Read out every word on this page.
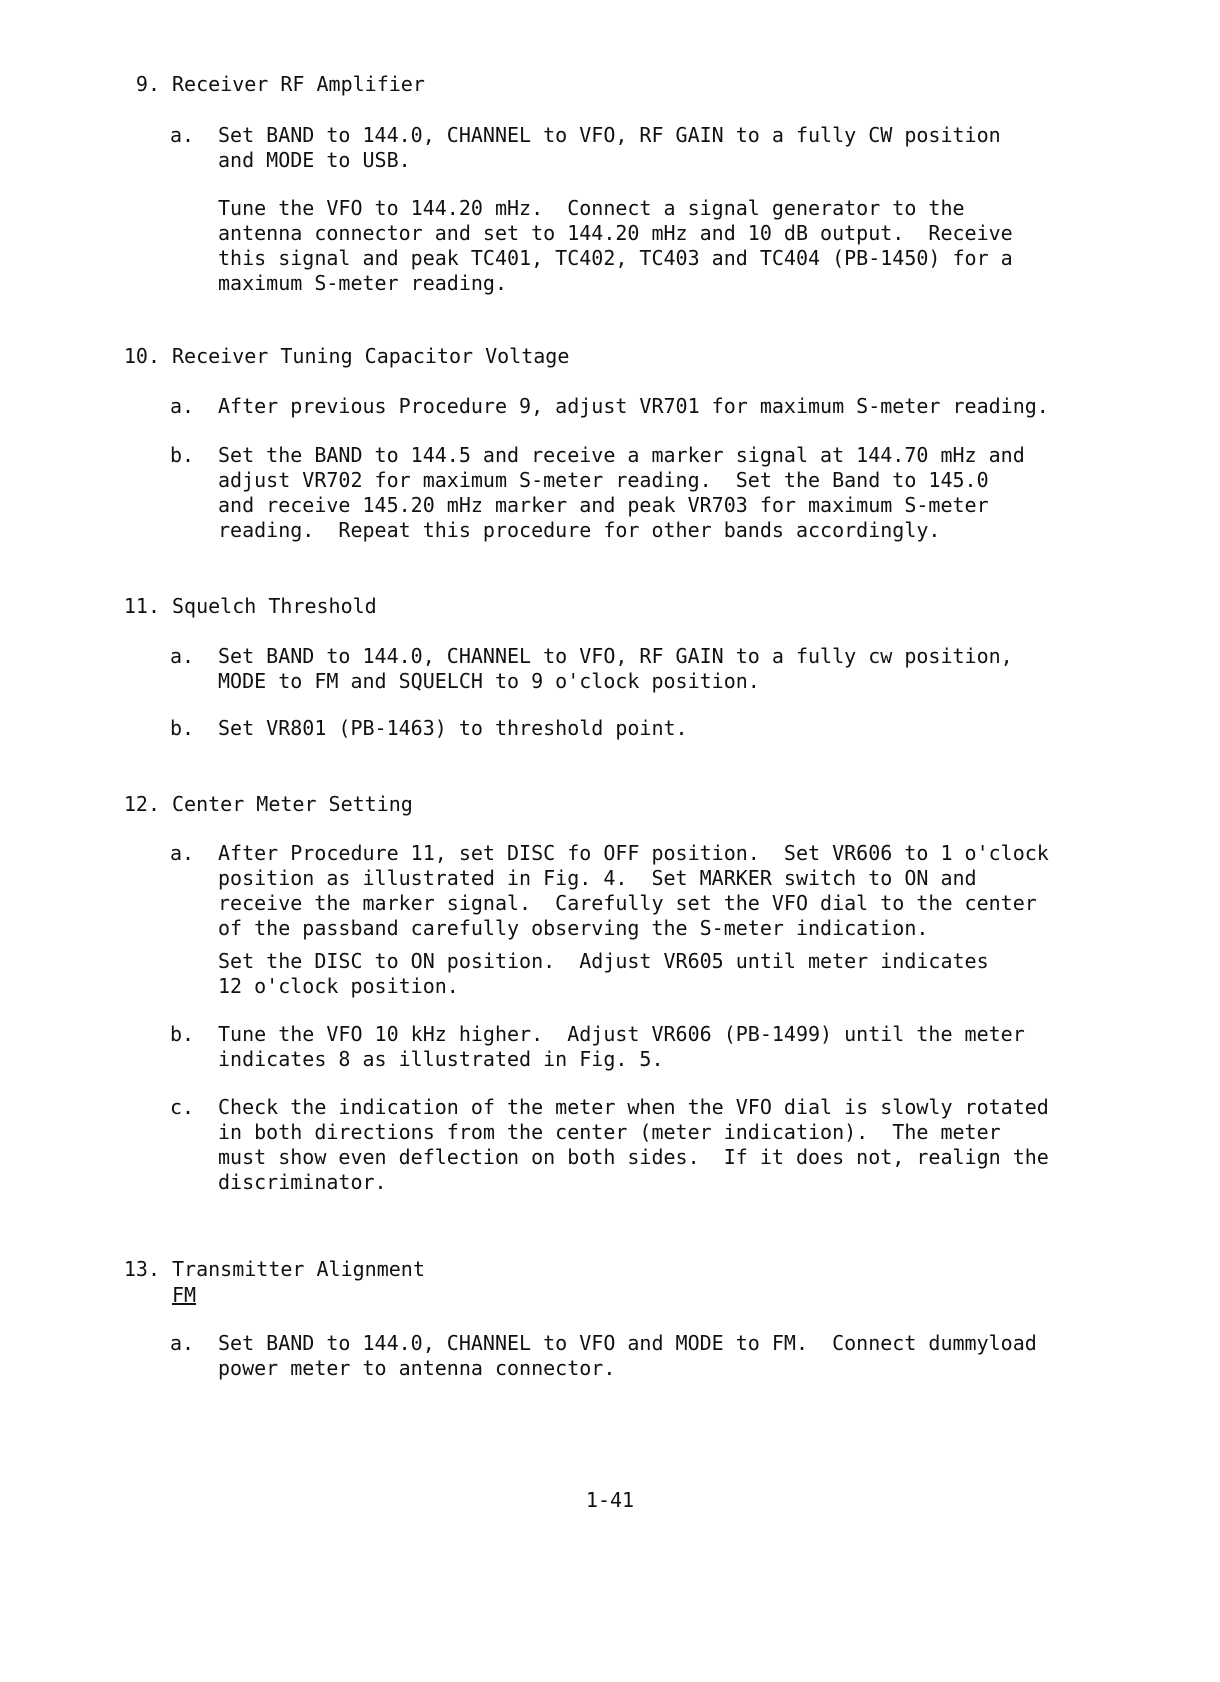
9. Receiver RF Amplifier
a. Set BAND to 144.0, CHANNEL to VFO, RF GAIN to a fully CW position
and MODE to USB.
Tune the VFO to 144.20 mHz.  Connect a signal generator to the
antenna connector and set to 144.20 mHz and 10 dB output.  Receive
this signal and peak TC401, TC402, TC403 and TC404 (PB-1450) for a
maximum S-meter reading.
10. Receiver Tuning Capacitor Voltage
a. After previous Procedure 9, adjust VR701 for maximum S-meter reading.
b. Set the BAND to 144.5 and receive a marker signal at 144.70 mHz and
adjust VR702 for maximum S-meter reading.  Set the Band to 145.0
and receive 145.20 mHz marker and peak VR703 for maximum S-meter
reading.  Repeat this procedure for other bands accordingly.
11. Squelch Threshold
a. Set BAND to 144.0, CHANNEL to VFO, RF GAIN to a fully cw position,
MODE to FM and SQUELCH to 9 o'clock position.
b. Set VR801 (PB-1463) to threshold point.
12. Center Meter Setting
a. After Procedure 11, set DISC fo OFF position.  Set VR606 to 1 o'clock
position as illustrated in Fig. 4.  Set MARKER switch to ON and
receive the marker signal.  Carefully set the VFO dial to the center
of the passband carefully observing the S-meter indication.
Set the DISC to ON position.  Adjust VR605 until meter indicates
12 o'clock position.
b. Tune the VFO 10 kHz higher.  Adjust VR606 (PB-1499) until the meter
indicates 8 as illustrated in Fig. 5.
c. Check the indication of the meter when the VFO dial is slowly rotated
in both directions from the center (meter indication).  The meter
must show even deflection on both sides.  If it does not, realign the
discriminator.
13. Transmitter Alignment
FM
a. Set BAND to 144.0, CHANNEL to VFO and MODE to FM.  Connect dummyload
power meter to antenna connector.
1-41
